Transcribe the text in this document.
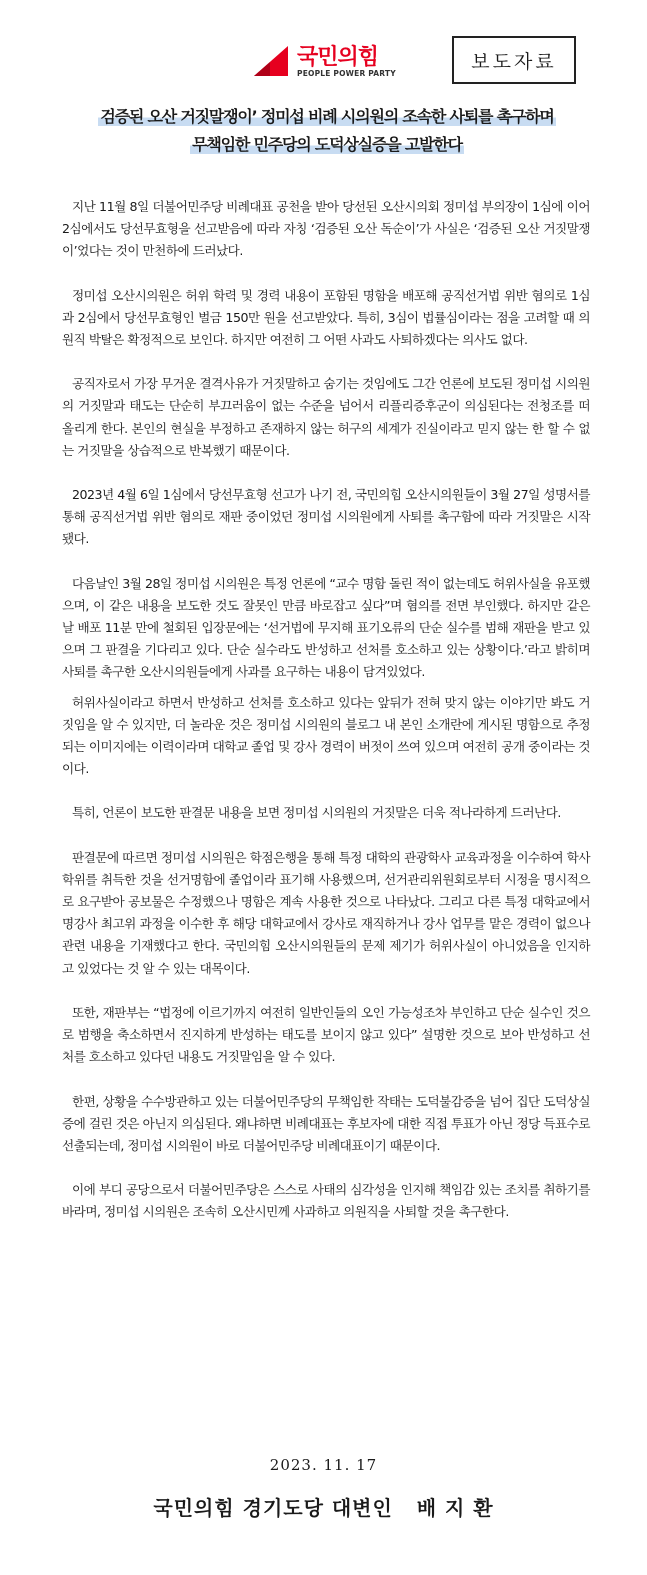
국민의힘
PEOPLE POWER PARTY
보도자료
검증된 오산 거짓말쟁이’ 정미섭 비례 시의원의 조속한 사퇴를 촉구하며
무책임한 민주당의 도덕상실증을 고발한다

지난 11월 8일 더불어민주당 비례대표 공천을 받아 당선된 오산시의회 정미섭 부의장이 1심에 이어 2심에서도 당선무효형을 선고받음에 따라 자칭 ‘검증된 오산 독순이’가 사실은 ‘검증된 오산 거짓말쟁이’었다는 것이 만천하에 드러났다.

정미섭 오산시의원은 허위 학력 및 경력 내용이 포함된 명함을 배포해 공직선거법 위반 혐의로 1심과 2심에서 당선무효형인 벌금 150만 원을 선고받았다. 특히, 3심이 법률심이라는 점을 고려할 때 의원직 박탈은 확정적으로 보인다. 하지만 여전히 그 어떤 사과도 사퇴하겠다는 의사도 없다.

공직자로서 가장 무거운 결격사유가 거짓말하고 숨기는 것임에도 그간 언론에 보도된 정미섭 시의원의 거짓말과 태도는 단순히 부끄러움이 없는 수준을 넘어서 리플리증후군이 의심된다는 전청조를 떠올리게 한다. 본인의 현실을 부정하고 존재하지 않는 허구의 세계가 진실이라고 믿지 않는 한 할 수 없는 거짓말을 상습적으로 반복했기 때문이다.

2023년 4월 6일 1심에서 당선무효형 선고가 나기 전, 국민의힘 오산시의원들이 3월 27일 성명서를 통해 공직선거법 위반 혐의로 재판 중이었던 정미섭 시의원에게 사퇴를 촉구함에 따라 거짓말은 시작됐다.

다음날인 3월 28일 정미섭 시의원은 특정 언론에 “교수 명함 돌린 적이 없는데도 허위사실을 유포했으며, 이 같은 내용을 보도한 것도 잘못인 만큼 바로잡고 싶다”며 혐의를 전면 부인했다. 하지만 같은 날 배포 11분 만에 철회된 입장문에는 ‘선거법에 무지해 표기오류의 단순 실수를 범해 재판을 받고 있으며 그 판결을 기다리고 있다. 단순 실수라도 반성하고 선처를 호소하고 있는 상황이다.’라고 밝히며 사퇴를 촉구한 오산시의원들에게 사과를 요구하는 내용이 담겨있었다.

허위사실이라고 하면서 반성하고 선처를 호소하고 있다는 앞뒤가 전혀 맞지 않는 이야기만 봐도 거짓임을 알 수 있지만, 더 놀라운 것은 정미섭 시의원의 블로그 내 본인 소개란에 게시된 명함으로 추정되는 이미지에는 이력이라며 대학교 졸업 및 강사 경력이 버젓이 쓰여 있으며 여전히 공개 중이라는 것이다.

특히, 언론이 보도한 판결문 내용을 보면 정미섭 시의원의 거짓말은 더욱 적나라하게 드러난다.

판결문에 따르면 정미섭 시의원은 학점은행을 통해 특정 대학의 관광학사 교육과정을 이수하여 학사학위를 취득한 것을 선거명함에 졸업이라 표기해 사용했으며, 선거관리위원회로부터 시정을 명시적으로 요구받아 공보물은 수정했으나 명함은 계속 사용한 것으로 나타났다. 그리고 다른 특정 대학교에서 명강사 최고위 과정을 이수한 후 해당 대학교에서 강사로 재직하거나 강사 업무를 맡은 경력이 없으나 관련 내용을 기재했다고 한다. 국민의힘 오산시의원들의 문제 제기가 허위사실이 아니었음을 인지하고 있었다는 것 알 수 있는 대목이다.

또한, 재판부는 “법정에 이르기까지 여전히 일반인들의 오인 가능성조차 부인하고 단순 실수인 것으로 범행을 축소하면서 진지하게 반성하는 태도를 보이지 않고 있다” 설명한 것으로 보아 반성하고 선처를 호소하고 있다던 내용도 거짓말임을 알 수 있다.

한편, 상황을 수수방관하고 있는 더불어민주당의 무책임한 작태는 도덕불감증을 넘어 집단 도덕상실증에 걸린 것은 아닌지 의심된다. 왜냐하면 비례대표는 후보자에 대한 직접 투표가 아닌 정당 득표수로 선출되는데, 정미섭 시의원이 바로 더불어민주당 비례대표이기 때문이다.

이에 부디 공당으로서 더불어민주당은 스스로 사태의 심각성을 인지해 책임감 있는 조치를 취하기를 바라며, 정미섭 시의원은 조속히 오산시민께 사과하고 의원직을 사퇴할 것을 촉구한다.

2023. 11. 17
국민의힘 경기도당 대변인   배 지 환
